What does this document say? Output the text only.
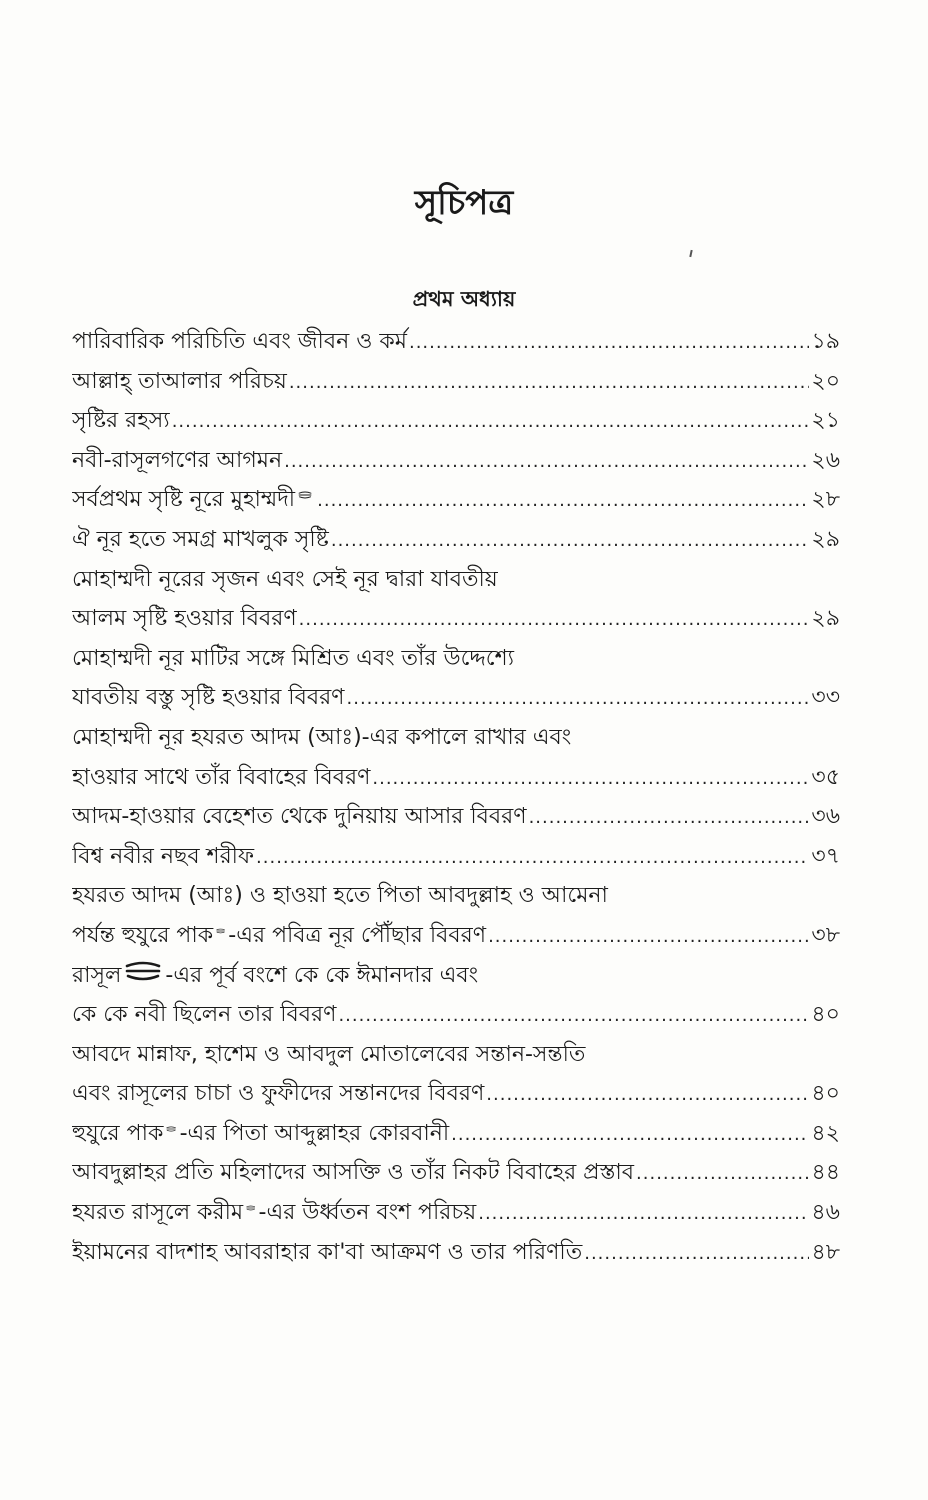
সূচিপত্র
প্রথম অধ্যায়
পারিবারিক পরিচিতি এবং জীবন ও কর্ম .....	১৯
আল্লাহ্ তাআলার পরিচয় .....	২০
সৃষ্টির রহস্য .....	২১
নবী-রাসূলগণের আগমন .....	২৬
সর্বপ্রথম সৃষ্টি নূরে মুহাম্মদী .....	২৮
ঐ নূর হতে সমগ্র মাখলুক সৃষ্টি .....	২৯
মোহাম্মদী নূরের সৃজন এবং সেই নূর দ্বারা যাবতীয়
আলম সৃষ্টি হওয়ার বিবরণ .....	২৯
মোহাম্মদী নূর মাটির সঙ্গে মিশ্রিত এবং তাঁর উদ্দেশ্যে
যাবতীয় বস্তু সৃষ্টি হওয়ার বিবরণ .....	৩৩
মোহাম্মদী নূর হযরত আদম (আঃ)-এর কপালে রাখার এবং
হাওয়ার সাথে তাঁর বিবাহের বিবরণ .....	৩৫
আদম-হাওয়ার বেহেশত থেকে দুনিয়ায় আসার বিবরণ .....	৩৬
বিশ্ব নবীর নছব শরীফ .....	৩৭
হযরত আদম (আঃ) ও হাওয়া হতে পিতা আবদুল্লাহ ও আমেনা
পর্যন্ত হুযুরে পাক -এর পবিত্র নূর পৌঁছার বিবরণ .....	৩৮
রাসূল -এর পূর্ব বংশে কে কে ঈমানদার এবং
কে কে নবী ছিলেন তার বিবরণ .....	৪০
আবদে মান্নাফ, হাশেম ও আবদুল মোতালেবের সন্তান-সন্ততি
এবং রাসূলের চাচা ও ফুফীদের সন্তানদের বিবরণ .....	৪০
হুযুরে পাক -এর পিতা আব্দুল্লাহর কোরবানী .....	৪২
আবদুল্লাহর প্রতি মহিলাদের আসক্তি ও তাঁর নিকট বিবাহের প্রস্তাব .....	৪৪
হযরত রাসূলে করীম -এর উর্ধ্বতন বংশ পরিচয় .....	৪৬
ইয়ামনের বাদশাহ আবরাহার কা'বা আক্রমণ ও তার পরিণতি .....	৪৮
